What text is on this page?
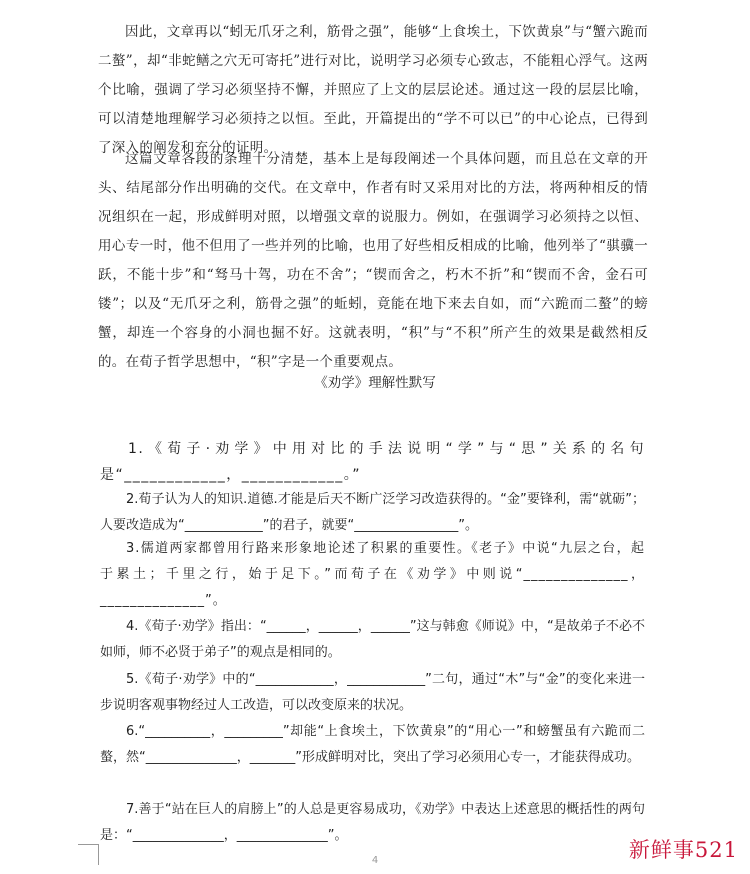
因此，文章再以“蚓无爪牙之利，筋骨之强”，能够“上食埃土，下饮黄泉”与“蟹六跪而二螯”，却“非蛇鳝之穴无可寄托”进行对比，说明学习必须专心致志，不能粗心浮气。这两个比喻，强调了学习必须坚持不懈，并照应了上文的层层论述。通过这一段的层层比喻，可以清楚地理解学习必须持之以恒。至此，开篇提出的“学不可以已”的中心论点，已得到了深入的阐发和充分的证明。

这篇文章各段的条理十分清楚，基本上是每段阐述一个具体问题，而且总在文章的开头、结尾部分作出明确的交代。在文章中，作者有时又采用对比的方法，将两种相反的情况组织在一起，形成鲜明对照，以增强文章的说服力。例如，在强调学习必须持之以恒、用心专一时，他不但用了一些并列的比喻，也用了好些相反相成的比喻，他列举了“骐骥一跃，不能十步”和“驽马十驾，功在不舍”；“锲而舍之，朽木不折”和“锲而不舍，金石可镂”；以及“无爪牙之利，筋骨之强”的蚯蚓，竟能在地下来去自如，而“六跪而二螯”的螃蟹，却连一个容身的小洞也掘不好。这就表明，“积”与“不积”所产生的效果是截然相反的。在荀子哲学思想中，“积”字是一个重要观点。

《劝学》理解性默写

1.《荀子·劝学》中用对比的手法说明“学”与“思”关系的名句是“____________，____________。”

2.荀子认为人的知识.道德.才能是后天不断广泛学习改造获得的。“金”要锋利，需“就砺”；人要改造成为“____________”的君子，就要“________________”。

3.儒道两家都曾用行路来形象地论述了积累的重要性。《老子》中说“九层之台，起于累土；千里之行，始于足下。”而荀子在《劝学》中则说“______________，______________”。

4.《荀子·劝学》指出：“______，______，______”这与韩愈《师说》中，“是故弟子不必不如师，师不必贤于弟子”的观点是相同的。

5.《荀子·劝学》中的“____________，____________”二句，通过“木”与“金”的变化来进一步说明客观事物经过人工改造，可以改变原来的状况。

6.“__________，_________”却能“上食埃土，下饮黄泉”的“用心一”和螃蟹虽有六跪而二螯，然“______________，_______”形成鲜明对比，突出了学习必须用心专一，才能获得成功。

7.善于“站在巨人的肩膀上”的人总是更容易成功，《劝学》中表达上述意思的概括性的两句是：“______________，______________”。

4	新鲜事521
